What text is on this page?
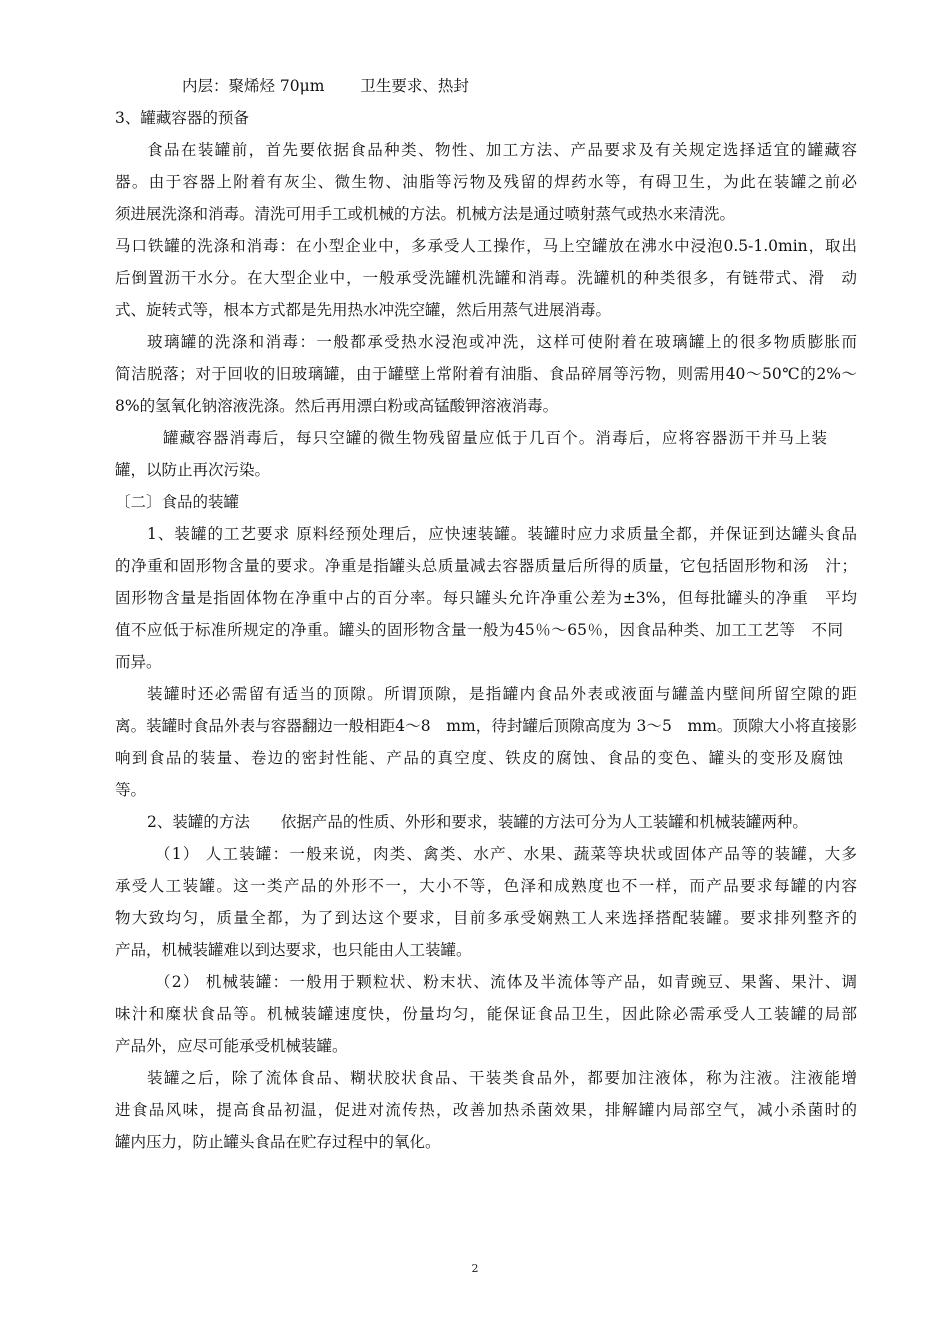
内层：聚烯烃 70μm　　 卫生要求、热封
3、罐藏容器的预备
食品在装罐前，首先要依据食品种类、物性、加工方法、产品要求及有关规定选择适宜的罐藏容
器。由于容器上附着有灰尘、微生物、油脂等污物及残留的焊药水等，有碍卫生，为此在装罐之前必
须进展洗涤和消毒。清洗可用手工或机械的方法。机械方法是通过喷射蒸气或热水来清洗。
马口铁罐的洗涤和消毒：在小型企业中，多承受人工操作，马上空罐放在沸水中浸泡0.5-1.0min，取出
后倒置沥干水分。在大型企业中，一般承受洗罐机洗罐和消毒。洗罐机的种类很多，有链带式、滑　动
式、旋转式等，根本方式都是先用热水冲洗空罐，然后用蒸气进展消毒。
玻璃罐的洗涤和消毒：一般都承受热水浸泡或冲洗，这样可使附着在玻璃罐上的很多物质膨胀而
简洁脱落；对于回收的旧玻璃罐，由于罐壁上常附着有油脂、食品碎屑等污物，则需用40～50℃的2%～
8%的氢氧化钠溶液洗涤。然后再用漂白粉或高锰酸钾溶液消毒。
罐藏容器消毒后，每只空罐的微生物残留量应低于几百个。消毒后，应将容器沥干并马上装
罐，以防止再次污染。
〔二〕食品的装罐
1、装罐的工艺要求 原料经预处理后，应快速装罐。装罐时应力求质量全都，并保证到达罐头食品
的净重和固形物含量的要求。净重是指罐头总质量减去容器质量后所得的质量，它包括固形物和汤　汁；
固形物含量是指固体物在净重中占的百分率。每只罐头允许净重公差为±3%，但每批罐头的净重　平均
值不应低于标准所规定的净重。罐头的固形物含量一般为45％～65％，因食品种类、加工工艺等　不同
而异。
装罐时还必需留有适当的顶隙。所谓顶隙，是指罐内食品外表或液面与罐盖内壁间所留空隙的距
离。装罐时食品外表与容器翻边一般相距4～8　mm，待封罐后顶隙高度为 3～5　mm。顶隙大小将直接影
响到食品的装量、卷边的密封性能、产品的真空度、铁皮的腐蚀、食品的变色、罐头的变形及腐蚀
等。
2、装罐的方法　　依据产品的性质、外形和要求，装罐的方法可分为人工装罐和机械装罐两种。
（1） 人工装罐：一般来说，肉类、禽类、水产、水果、蔬菜等块状或固体产品等的装罐，大多
承受人工装罐。这一类产品的外形不一，大小不等，色泽和成熟度也不一样，而产品要求每罐的内容
物大致均匀，质量全都，为了到达这个要求，目前多承受娴熟工人来选择搭配装罐。要求排列整齐的
产品，机械装罐难以到达要求，也只能由人工装罐。
（2） 机械装罐：一般用于颗粒状、粉末状、流体及半流体等产品，如青豌豆、果酱、果汁、调
味汁和糜状食品等。机械装罐速度快，份量均匀，能保证食品卫生，因此除必需承受人工装罐的局部
产品外，应尽可能承受机械装罐。
装罐之后，除了流体食品、糊状胶状食品、干装类食品外，都要加注液体，称为注液。注液能增
进食品风味，提高食品初温，促进对流传热，改善加热杀菌效果，排解罐内局部空气，减小杀菌时的
罐内压力，防止罐头食品在贮存过程中的氧化。
2
